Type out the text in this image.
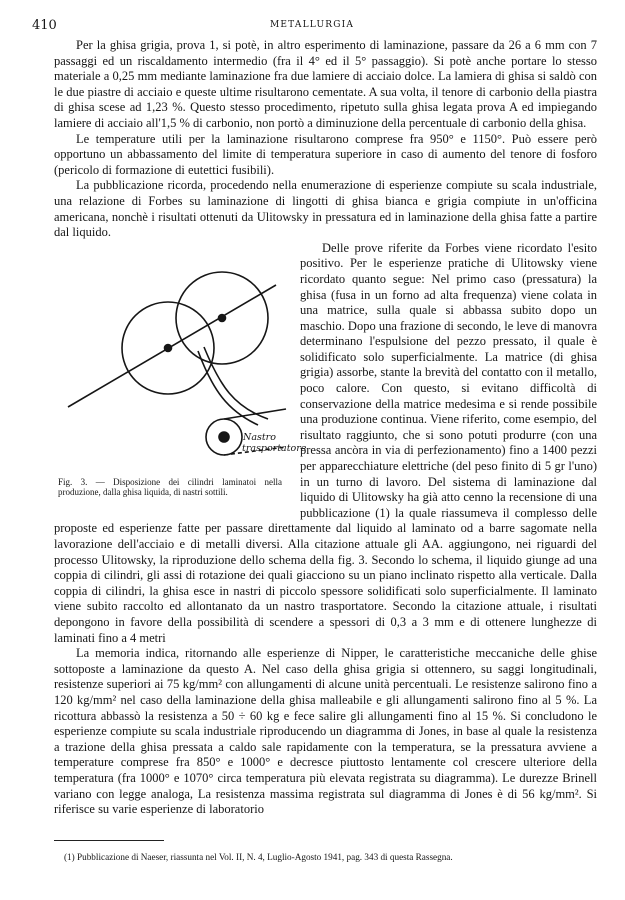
410	METALLURGIA

Per la ghisa grigia, prova 1, si potè, in altro esperimento di laminazione, passare da 26 a 6 mm con 7 passaggi ed un riscaldamento intermedio (fra il 4° ed il 5° passaggio). Si potè anche portare lo stesso materiale a 0,25 mm mediante laminazione fra due lamiere di acciaio dolce. La lamiera di ghisa si saldò con le due piastre di acciaio e queste ultime risultarono cementate. A sua volta, il tenore di carbonio della piastra di ghisa scese ad 1,23 %. Questo stesso procedimento, ripetuto sulla ghisa legata prova A ed impiegando lamiere di acciaio all'1,5 % di carbonio, non portò a diminuzione della percentuale di carbonio della ghisa.

Le temperature utili per la laminazione risultarono comprese fra 950° e 1150°. Può essere però opportuno un abbassamento del limite di temperatura superiore in caso di aumento del tenore di fosforo (pericolo di formazione di eutettici fusibili).

La pubblicazione ricorda, procedendo nella enumerazione di esperienze compiute su scala industriale, una relazione di Forbes su laminazione di lingotti di ghisa bianca e grigia compiute in un'officina americana, nonchè i risultati ottenuti da Ulitowsky in pressatura ed in laminazione della ghisa fatte a partire dal liquido.

Nastro
trasportatore
Fig. 3. — Disposizione dei cilindri laminatoi nella produzione, dalla ghisa liquida, di nastri sottili.

Delle prove riferite da Forbes viene ricordato l'esito positivo. Per le esperienze pratiche di Ulitowsky viene ricordato quanto segue: Nel primo caso (pressatura) la ghisa (fusa in un forno ad alta frequenza) viene colata in una matrice, sulla quale si abbassa subito dopo un maschio. Dopo una frazione di secondo, le leve di manovra determinano l'espulsione del pezzo pressato, il quale è solidificato solo superficialmente. La matrice (di ghisa grigia) assorbe, stante la brevità del contatto con il metallo, poco calore. Con questo, si evitano difficoltà di conservazione della matrice medesima e si rende possibile una produzione continua. Viene riferito, come esempio, del risultato raggiunto, che si sono potuti produrre (con una pressa ancòra in via di perfezionamento) fino a 1400 pezzi per apparecchiature elettriche (del peso finito di 5 gr l'uno) in un turno di lavoro. Del sistema di laminazione dal liquido di Ulitowsky ha già atto cenno la recensione di una pubblicazione (1) la quale riassumeva il complesso delle proposte ed esperienze fatte per passare direttamente dal liquido al laminato od a barre sagomate nella lavorazione dell'acciaio e di metalli diversi. Alla citazione attuale gli AA. aggiungono, nei riguardi del processo Ulitowsky, la riproduzione dello schema della fig. 3. Secondo lo schema, il liquido giunge ad una coppia di cilindri, gli assi di rotazione dei quali giacciono su un piano inclinato rispetto alla verticale. Dalla coppia di cilindri, la ghisa esce in nastri di piccolo spessore solidificati solo superficialmente. Il laminato viene subito raccolto ed allontanato da un nastro trasportatore. Secondo la citazione attuale, i risultati depongono in favore della possibilità di scendere a spessori di 0,3 a 3 mm e di ottenere lunghezze di laminati fino a 4 metri

La memoria indica, ritornando alle esperienze di Nipper, le caratteristiche meccaniche delle ghise sottoposte a laminazione da questo A. Nel caso della ghisa grigia si ottennero, su saggi longitudinali, resistenze superiori ai 75 kg/mm² con allungamenti di alcune unità percentuali. Le resistenze salirono fino a 120 kg/mm² nel caso della laminazione della ghisa malleabile e gli allungamenti salirono fino al 5 %. La ricottura abbassò la resistenza a 50 ÷ 60 kg e fece salire gli allungamenti fino al 15 %. Si concludono le esperienze compiute su scala industriale riproducendo un diagramma di Jones, in base al quale la resistenza a trazione della ghisa pressata a caldo sale rapidamente con la temperatura, se la pressatura avviene a temperature comprese fra 850° e 1000° e decresce piuttosto lentamente col crescere ulteriore della temperatura (fra 1000° e 1070° circa temperatura più elevata registrata su diagramma). Le durezze Brinell variano con legge analoga, La resistenza massima registrata sul diagramma di Jones è di 56 kg/mm². Si riferisce su varie esperienze di laboratorio

(1) Pubblicazione di Naeser, riassunta nel Vol. II, N. 4, Luglio-Agosto 1941, pag. 343 di questa Rassegna.
